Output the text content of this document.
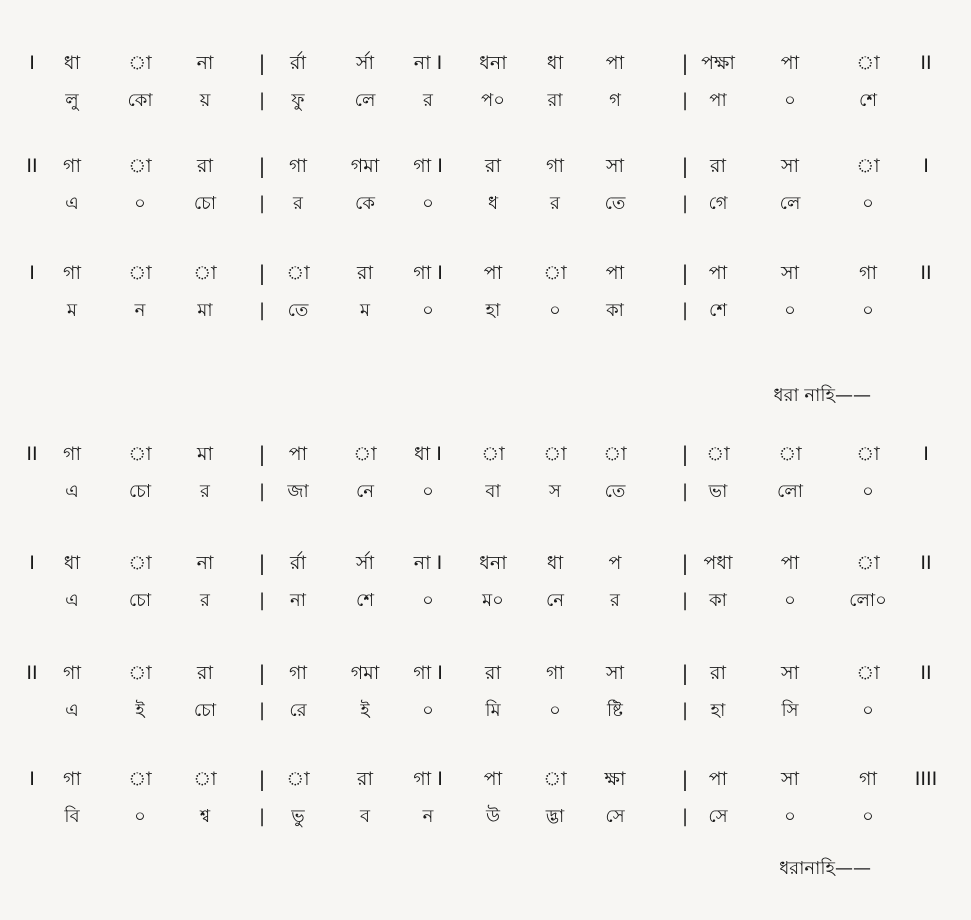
I ধা	া না | র্রা	র্সা না I ধনা ধা পা	| পক্ষা পা	া II
লু	কো	য়	| ফু	লে	র	প০ রা	গ	| পা	০	শে
II গা া রা | গা গমা গা I রা গা সা	| রা	সা	া I
এ	০	চো | র	কে	০	ধ	র তে	| গে	লে	০
I গা া া | া রা গা I পা া পা	| পা	সা	গা II
ম	ন	মা	| তে	ম	০	হা	০	কা	| শে	০	০
II গা া মা | পা া ধা I া া া	| া	া	া I
এ	চো	র	| জা	নে	০	বা	স তে	| ভা	লো	০
I ধা	া না | র্রা	র্সা না I ধনা ধা প	| পধা	পা	া II
এ	চো	র	| না	শে	০	ম০ নে	র	| কা	০	লো০
II গা া রা | গা গমা গা I রা গা সা	| রা	সা	া II
এ	ই	চো | রে	ই	০	মি	০	ষ্টি	| হা	সি	০
I গা া া | া রা গা I পা া ক্ষা	| পা	সা	গা IIII
বি	০	শ্ব	| ভু	ব	ন	উ	দ্ভা সে	| সে	০	০
ধরা নাহি——
ধরানাহি——
